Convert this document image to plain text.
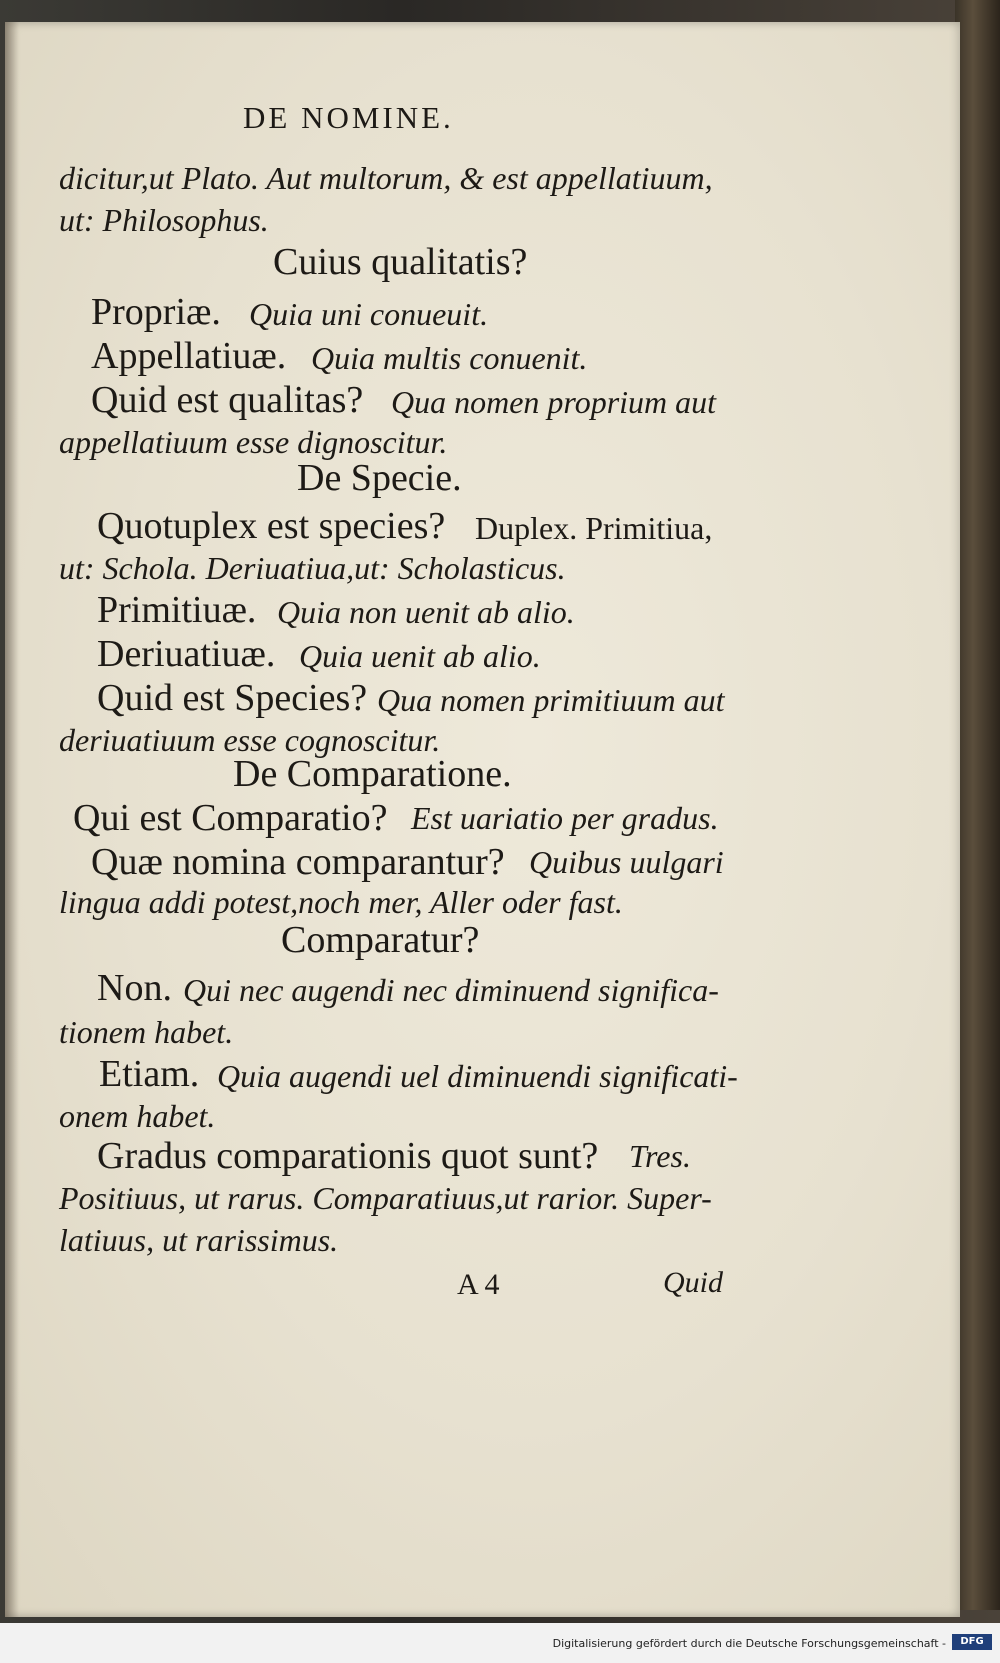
DE NOMINE.
dicitur,ut Plato. Aut multorum, & est appellatiuum,
ut: Philosophus.
Cuius qualitatis?
Propriæ. Quia uni conueuit.
Appellatiuæ. Quia multis conuenit.
Quid est qualitas? Qua nomen proprium aut
appellatiuum esse dignoscitur.
De Specie.
Quotuplex est species? Duplex. Primitiua,
ut: Schola. Deriuatiua,ut: Scholasticus.
Primitiuæ. Quia non uenit ab alio.
Deriuatiuæ. Quia uenit ab alio.
Quid est Species? Qua nomen primitiuum aut
deriuatiuum esse cognoscitur.
De Comparatione.
Qui est Comparatio? Est uariatio per gradus.
Quæ nomina comparantur? Quibus uulgari
lingua addi potest,noch mer, Aller oder fast.
Comparatur?
Non. Qui nec augendi nec diminuend significa-
tionem habet.
Etiam. Quia augendi uel diminuendi significati-
onem habet.
Gradus comparationis quot sunt? Tres.
Positiuus, ut rarus. Comparatiuus,ut rarior. Super-
latiuus, ut rarissimus.
A 4	Quid
Digitalisierung gefördert durch die Deutsche Forschungsgemeinschaft -	DFG
